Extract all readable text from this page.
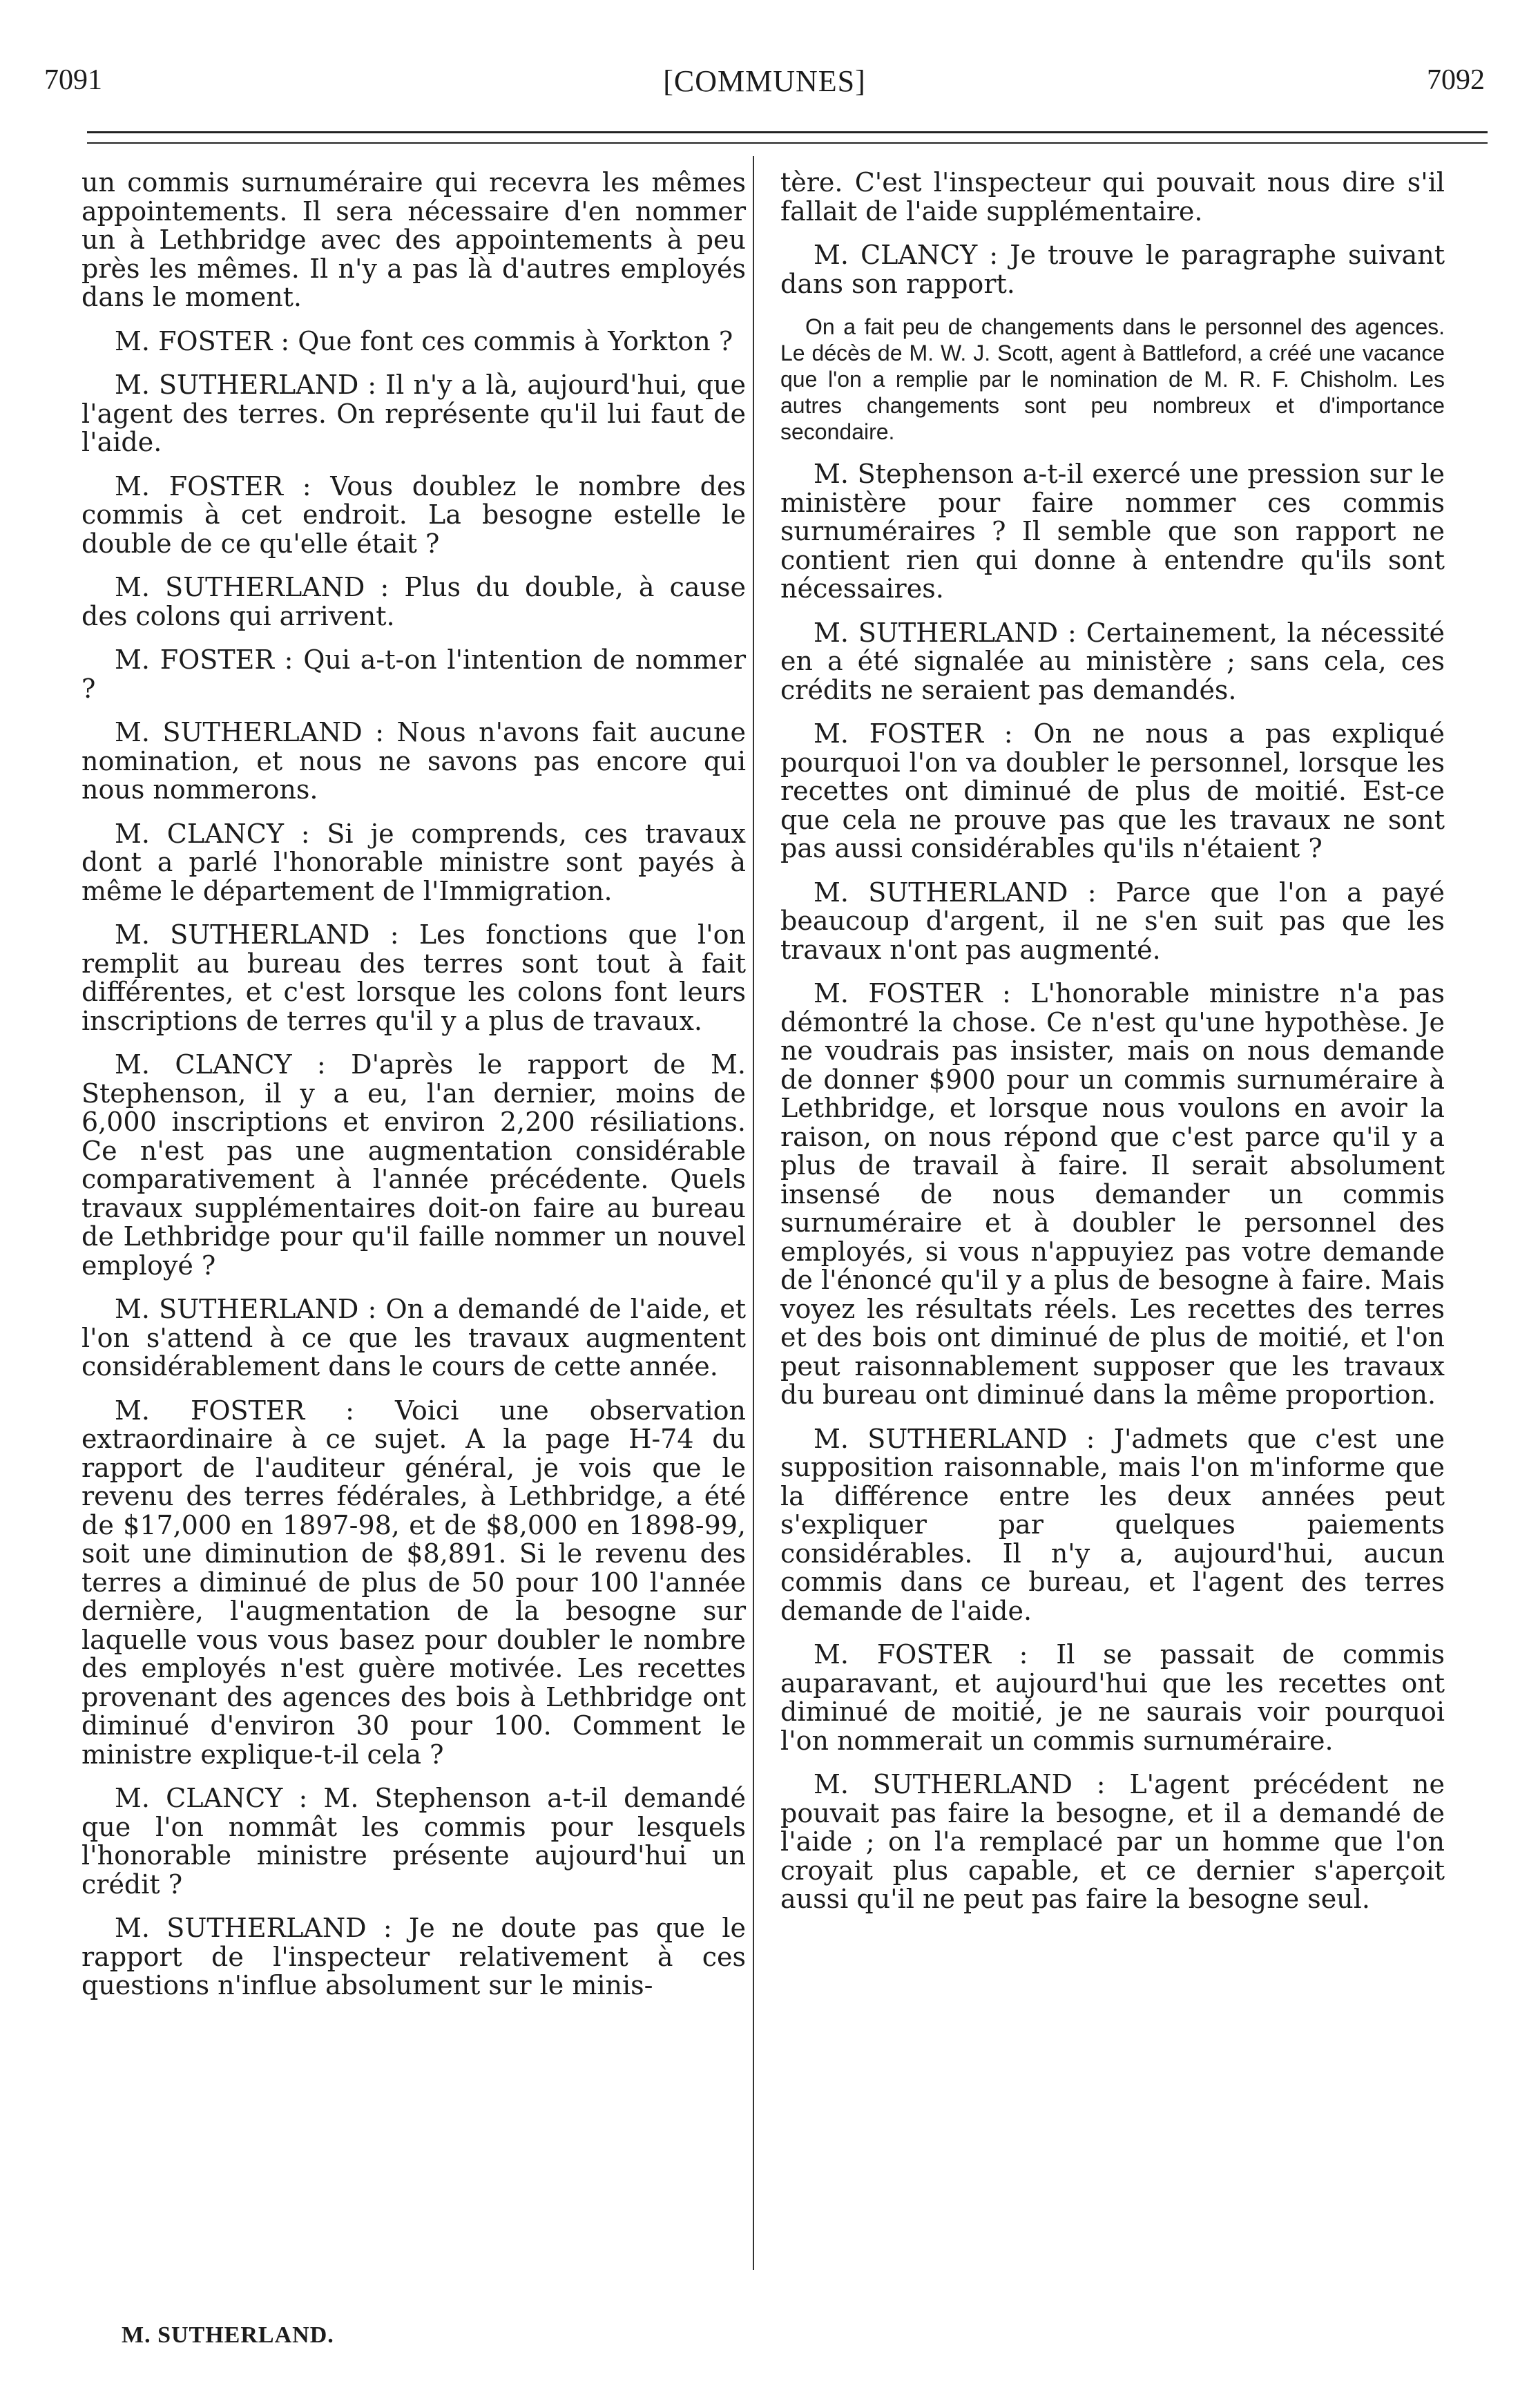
7091	[COMMUNES]	7092

un commis surnuméraire qui recevra les mêmes appointements. Il sera nécessaire d'en nommer un à Lethbridge avec des appointements à peu près les mêmes. Il n'y a pas là d'autres employés dans le moment.

M. FOSTER : Que font ces commis à Yorkton ?

M. SUTHERLAND : Il n'y a là, aujourd'hui, que l'agent des terres. On représente qu'il lui faut de l'aide.

M. FOSTER : Vous doublez le nombre des commis à cet endroit. La besogne estelle le double de ce qu'elle était ?

M. SUTHERLAND : Plus du double, à cause des colons qui arrivent.

M. FOSTER : Qui a-t-on l'intention de nommer ?

M. SUTHERLAND : Nous n'avons fait aucune nomination, et nous ne savons pas encore qui nous nommerons.

M. CLANCY : Si je comprends, ces travaux dont a parlé l'honorable ministre sont payés à même le département de l'Immigration.

M. SUTHERLAND : Les fonctions que l'on remplit au bureau des terres sont tout à fait différentes, et c'est lorsque les colons font leurs inscriptions de terres qu'il y a plus de travaux.

M. CLANCY : D'après le rapport de M. Stephenson, il y a eu, l'an dernier, moins de 6,000 inscriptions et environ 2,200 résiliations. Ce n'est pas une augmentation considérable comparativement à l'année précédente. Quels travaux supplémentaires doit-on faire au bureau de Lethbridge pour qu'il faille nommer un nouvel employé ?

M. SUTHERLAND : On a demandé de l'aide, et l'on s'attend à ce que les travaux augmentent considérablement dans le cours de cette année.

M. FOSTER : Voici une observation extraordinaire à ce sujet. A la page H-74 du rapport de l'auditeur général, je vois que le revenu des terres fédérales, à Lethbridge, a été de $17,000 en 1897-98, et de $8,000 en 1898-99, soit une diminution de $8,891. Si le revenu des terres a diminué de plus de 50 pour 100 l'année dernière, l'augmentation de la besogne sur laquelle vous vous basez pour doubler le nombre des employés n'est guère motivée. Les recettes provenant des agences des bois à Lethbridge ont diminué d'environ 30 pour 100. Comment le ministre explique-t-il cela ?

M. CLANCY : M. Stephenson a-t-il demandé que l'on nommât les commis pour lesquels l'honorable ministre présente aujourd'hui un crédit ?

M. SUTHERLAND : Je ne doute pas que le rapport de l'inspecteur relativement à ces questions n'influe absolument sur le minis-

tère. C'est l'inspecteur qui pouvait nous dire s'il fallait de l'aide supplémentaire.

M. CLANCY : Je trouve le paragraphe suivant dans son rapport.

On a fait peu de changements dans le personnel des agences. Le décès de M. W. J. Scott, agent à Battleford, a créé une vacance que l'on a remplie par le nomination de M. R. F. Chisholm. Les autres changements sont peu nombreux et d'importance secondaire.

M. Stephenson a-t-il exercé une pression sur le ministère pour faire nommer ces commis surnuméraires ? Il semble que son rapport ne contient rien qui donne à entendre qu'ils sont nécessaires.

M. SUTHERLAND : Certainement, la nécessité en a été signalée au ministère ; sans cela, ces crédits ne seraient pas demandés.

M. FOSTER : On ne nous a pas expliqué pourquoi l'on va doubler le personnel, lorsque les recettes ont diminué de plus de moitié. Est-ce que cela ne prouve pas que les travaux ne sont pas aussi considérables qu'ils n'étaient ?

M. SUTHERLAND : Parce que l'on a payé beaucoup d'argent, il ne s'en suit pas que les travaux n'ont pas augmenté.

M. FOSTER : L'honorable ministre n'a pas démontré la chose. Ce n'est qu'une hypothèse. Je ne voudrais pas insister, mais on nous demande de donner $900 pour un commis surnuméraire à Lethbridge, et lorsque nous voulons en avoir la raison, on nous répond que c'est parce qu'il y a plus de travail à faire. Il serait absolument insensé de nous demander un commis surnuméraire et à doubler le personnel des employés, si vous n'appuyiez pas votre demande de l'énoncé qu'il y a plus de besogne à faire. Mais voyez les résultats réels. Les recettes des terres et des bois ont diminué de plus de moitié, et l'on peut raisonnablement supposer que les travaux du bureau ont diminué dans la même proportion.

M. SUTHERLAND : J'admets que c'est une supposition raisonnable, mais l'on m'informe que la différence entre les deux années peut s'expliquer par quelques paiements considérables. Il n'y a, aujourd'hui, aucun commis dans ce bureau, et l'agent des terres demande de l'aide.

M. FOSTER : Il se passait de commis auparavant, et aujourd'hui que les recettes ont diminué de moitié, je ne saurais voir pourquoi l'on nommerait un commis surnuméraire.

M. SUTHERLAND : L'agent précédent ne pouvait pas faire la besogne, et il a demandé de l'aide ; on l'a remplacé par un homme que l'on croyait plus capable, et ce dernier s'aperçoit aussi qu'il ne peut pas faire la besogne seul.

M. SUTHERLAND.
